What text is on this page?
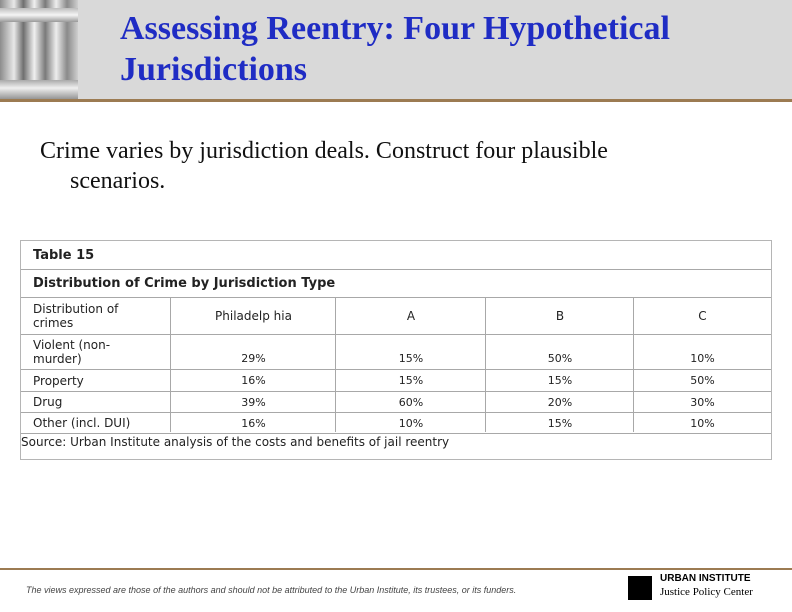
Assessing Reentry: Four Hypothetical
Jurisdictions
Crime varies by jurisdiction deals. Construct four plausible
scenarios.
Table 15
Distribution of Crime by Jurisdiction Type
Distribution of
crimes	Philadelp hia	A	B	C
Violent (non-
murder)	29%	15%	50%	10%
Property	16%	15%	15%	50%
Drug	39%	60%	20%	30%
Other (incl. DUI)	16%	10%	15%	10%
Source: Urban Institute analysis of the costs and benefits of jail reentry
The views expressed are those of the authors and should not be attributed to the Urban Institute, its trustees, or its funders.
URBAN INSTITUTE
Justice Policy Center
